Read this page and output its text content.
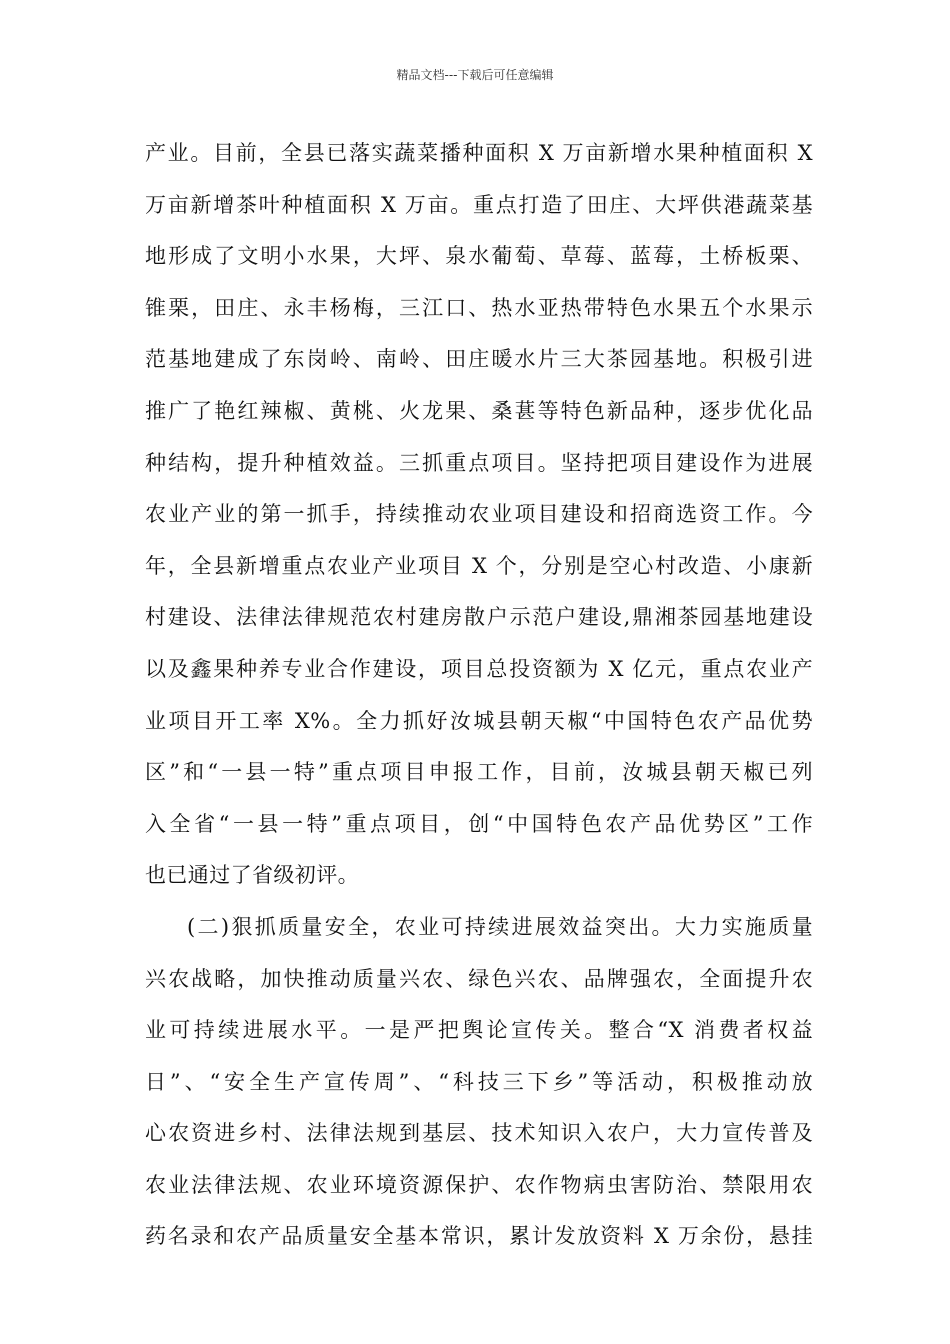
精品文档---下载后可任意编辑
产业。目前，全县已落实蔬菜播种面积 X 万亩新增水果种植面积 X
万亩新增茶叶种植面积 X 万亩。重点打造了田庄、大坪供港蔬菜基
地形成了文明小水果，大坪、泉水葡萄、草莓、蓝莓，土桥板栗、
锥栗，田庄、永丰杨梅，三江口、热水亚热带特色水果五个水果示
范基地建成了东岗岭、南岭、田庄暖水片三大茶园基地。积极引进
推广了艳红辣椒、黄桃、火龙果、桑葚等特色新品种，逐步优化品
种结构，提升种植效益。三抓重点项目。坚持把项目建设作为进展
农业产业的第一抓手，持续推动农业项目建设和招商选资工作。今
年，全县新增重点农业产业项目 X 个，分别是空心村改造、小康新
村建设、法律法律规范农村建房散户示范户建设,鼎湘茶园基地建设
以及鑫果种养专业合作建设，项目总投资额为 X 亿元，重点农业产
业项目开工率 X%。全力抓好汝城县朝天椒“中国特色农产品优势
区”和“一县一特”重点项目申报工作，目前，汝城县朝天椒已列
入全省“一县一特”重点项目，创“中国特色农产品优势区”工作
也已通过了省级初评。
(二)狠抓质量安全，农业可持续进展效益突出。大力实施质量
兴农战略，加快推动质量兴农、绿色兴农、品牌强农，全面提升农
业可持续进展水平。一是严把舆论宣传关。整合“X 消费者权益
日”、“安全生产宣传周”、“科技三下乡”等活动，积极推动放
心农资进乡村、法律法规到基层、技术知识入农户，大力宣传普及
农业法律法规、农业环境资源保护、农作物病虫害防治、禁限用农
药名录和农产品质量安全基本常识，累计发放资料 X 万余份，悬挂
